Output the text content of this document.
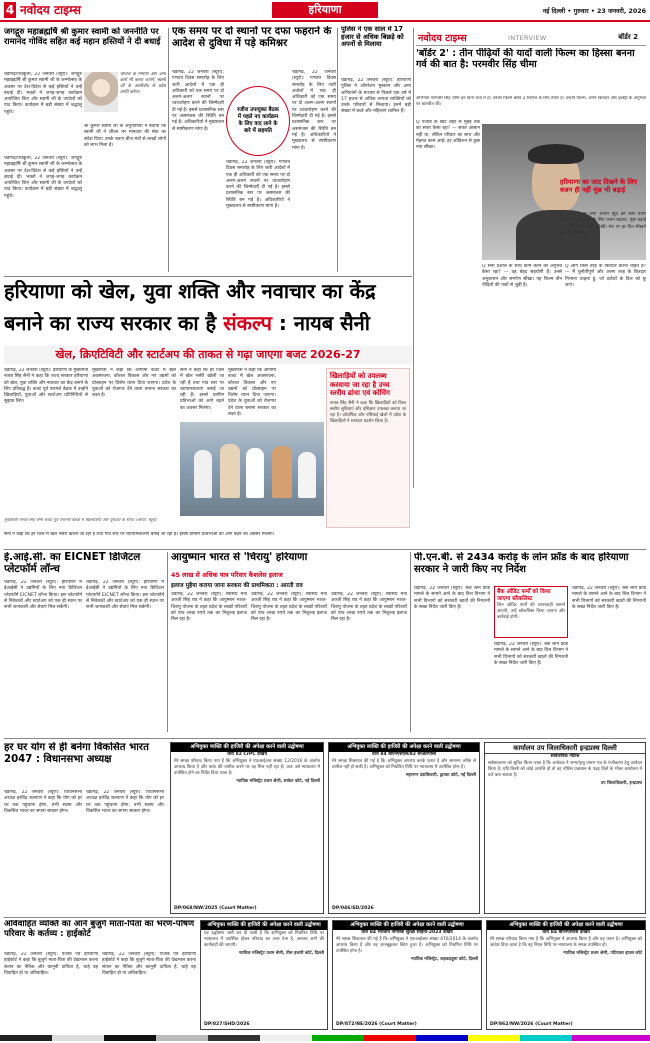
4 नवोदय टाइम्स	हरियाणा	नई दिल्ली • गुरुवार • 23 जनवरी, 2026
जगद्गुरु महाब्रह्मर्षि श्री कुमार स्वामी को जननीति पर रामानंद गोविंद सहित कई महान हस्तियों ने दी बधाई
चंडीगढ़/पंचकूला, 22 जनवरी (ब्यूरो): जगद्गुरु महाब्रह्मर्षि श्री कुमार स्वामी जी के जन्मोत्सव के अवसर पर देश-विदेश से कई हस्तियों ने उन्हें बधाई दी। भक्तों ने जगह-जगह कार्यक्रम आयोजित किए और स्वामी जी के उपदेशों को याद किया। कार्यक्रम में बड़ी संख्या में श्रद्धालु पहुंचे।
चौपाल के निर्माण और अन्य कार्य भी कराए जाएंगे, स्वामी जी के आशीर्वाद से प्रदेश प्रगति करेगा।
श्री कुमार स्वामी जी के अनुयायियों ने बताया कि स्वामी जी ने जीवन भर मानवता की सेवा का संदेश दिया। उनके बताए बीज मंत्रों से लाखों लोगों को लाभ मिला है।
चंडीगढ़/पंचकूला, 22 जनवरी (ब्यूरो): जगद्गुरु महाब्रह्मर्षि श्री कुमार स्वामी जी के जन्मोत्सव के अवसर पर देश-विदेश से कई हस्तियों ने उन्हें बधाई दी। भक्तों ने जगह-जगह कार्यक्रम आयोजित किए और स्वामी जी के उपदेशों को याद किया। कार्यक्रम में बड़ी संख्या में श्रद्धालु पहुंचे।
एक समय पर दो स्थानों पर दफा फहराने के आदेश से दुविधा में पड़े कमिश्नर
चंडीगढ़, 22 जनवरी (ब्यूरो): गणतंत्र दिवस समारोह के लिए जारी आदेशों में एक ही अधिकारी को एक समय पर दो अलग-अलग स्थानों पर ध्वजारोहण करने की जिम्मेदारी दी गई है। इससे प्रशासनिक स्तर पर असमंजस की स्थिति बन गई है। अधिकारियों ने मुख्यालय से स्पष्टीकरण मांगा है।
रजौरा उपायुक्त बैठक में पहले नए कार्यक्रम के लिए वाद लाने के बारे में सहमति
चंडीगढ़, 22 जनवरी (ब्यूरो): गणतंत्र दिवस समारोह के लिए जारी आदेशों में एक ही अधिकारी को एक समय पर दो अलग-अलग स्थानों पर ध्वजारोहण करने की जिम्मेदारी दी गई है। इससे प्रशासनिक स्तर पर असमंजस की स्थिति बन गई है। अधिकारियों ने मुख्यालय से स्पष्टीकरण मांगा है।
चंडीगढ़, 22 जनवरी (ब्यूरो): गणतंत्र दिवस समारोह के लिए जारी आदेशों में एक ही अधिकारी को एक समय पर दो अलग-अलग स्थानों पर ध्वजारोहण करने की जिम्मेदारी दी गई है। इससे प्रशासनिक स्तर पर असमंजस की स्थिति बन गई है। अधिकारियों ने मुख्यालय से स्पष्टीकरण मांगा है।
पुलिस ने एक साल में 17 हजार से अधिक बिछड़े को अपनों से मिलाया
चंडीगढ़, 22 जनवरी (ब्यूरो): हरियाणा पुलिस ने ऑपरेशन मुस्कान और अन्य अभियानों के माध्यम से पिछले एक वर्ष में 17 हजार से अधिक लापता व्यक्तियों को उनके परिवारों से मिलाया। इनमें बड़ी संख्या में बच्चे और महिलाएं शामिल हैं।
नवोदय टाइम्स	INTERVIEW	बॉर्डर 2
'बॉर्डर 2' : तीन पीढ़ियों की यादों वाली फिल्म का हिस्सा बनना गर्व की बात है: परमवीर सिंह चीमा
अभिनेता परमवीर सिंह चीमा इन दिनों चर्चा में हैं। उनकी फिल्म बॉर्डर 2 रिलीज के लिए तैयार है। उन्होंने फिल्म, अपने किरदार और इंडस्ट्री के अनुभवों पर बातचीत की।
Q पंजाब के छोटे शहर से मुंबई तक का सफर कैसा रहा? — सफर आसान नहीं था, लेकिन परिवार का साथ और मेहनत काम आई। हर ऑडिशन से कुछ नया सीखा।
हरियाणा का जाट दिखने के लिए वजन ही नहीं मूंछ भी बढ़ाई
Q बॉर्डर 2 के लिए आपने खुद को कैसे तैयार किया? — किरदार के लिए वजन बढ़ाया, मूंछ बढ़ाई और हरियाणवी बोली सीखी। सेट पर हर दिन सीखने का मौका मिला।
Q सनी देओल के साथ काम करने का अनुभव कैसा रहा? — वह बेहद सहयोगी हैं। उनसे अनुशासन और समर्पण सीखा। यह फिल्म तीन पीढ़ियों की यादों से जुड़ी है।
Q आगे किस तरह के किरदार करना चाहते हैं? — मैं चुनौतीपूर्ण और अलग तरह के किरदार निभाना चाहता हूं, जो दर्शकों के दिल को छू जाएं।
हरियाणा को खेल, युवा शक्ति और नवाचार का केंद्र
बनाने का राज्य सरकार का है संकल्प : नायब सैनी
खेल, क्रिएटिविटी और स्टार्टअप की ताकत से गढ़ा जाएगा बजट 2026-27
चंडीगढ़, 22 जनवरी (ब्यूरो): हरियाणा के मुख्यमंत्री नायब सिंह सैनी ने कहा कि राज्य सरकार हरियाणा को खेल, युवा शक्ति और नवाचार का केंद्र बनाने के लिए प्रतिबद्ध है। बजट पूर्व परामर्श बैठक में उन्होंने खिलाड़ियों, युवाओं और स्टार्टअप प्रतिनिधियों से सुझाव लिए।
मुख्यमंत्री ने कहा कि आगामी बजट में खेल अवसंरचना, कौशल विकास और नए उद्यमों को प्रोत्साहन पर विशेष ध्यान दिया जाएगा। प्रदेश के युवाओं को रोजगार देने वाला बनाना सरकार का लक्ष्य है।
सैनी ने कहा कि हर जिले में खेल नर्सरी खोली जा रही हैं तथा गांव स्तर पर व्यायामशालाएं बनाई जा रही हैं। इससे ग्रामीण प्रतिभाओं को आगे बढ़ने का अवसर मिलेगा।
मुख्यमंत्री ने कहा कि आगामी बजट में खेल अवसंरचना, कौशल विकास और नए उद्यमों को प्रोत्साहन पर विशेष ध्यान दिया जाएगा। प्रदेश के युवाओं को रोजगार देने वाला बनाना सरकार का लक्ष्य है।
मुख्यमंत्री नायब सिंह सैनी बजट पूर्व परामर्श बैठक में खिलाड़ियों और युवाओं के साथ। (छाया: ब्यूरो)
खिलाड़ियों को उपलब्ध करवाया जा रहा है उच्च स्तरीय ढांचा एवं कोचिंग
नायब सिंह सैनी ने कहा कि खिलाड़ियों को विश्व स्तरीय सुविधाएं और प्रशिक्षण उपलब्ध कराया जा रहा है। ओलंपिक और एशियाई खेलों में प्रदेश के खिलाड़ियों ने शानदार प्रदर्शन किया है।
सैनी ने कहा कि हर जिले में खेल नर्सरी खोली जा रही हैं तथा गांव स्तर पर व्यायामशालाएं बनाई जा रही हैं। इससे ग्रामीण प्रतिभाओं को आगे बढ़ने का अवसर मिलेगा।
ई.आई.सी. का EICNET डिजिटल प्लेटफॉर्म लॉन्च
चंडीगढ़, 22 जनवरी (ब्यूरो): हरियाणा में ईआईसी ने उद्यमियों के लिए नया डिजिटल प्लेटफॉर्म EICNET लॉन्च किया। इस प्लेटफॉर्म से निवेशकों और स्टार्टअप को एक ही स्थान पर सभी जानकारी और सेवाएं मिल सकेंगी।
चंडीगढ़, 22 जनवरी (ब्यूरो): हरियाणा में ईआईसी ने उद्यमियों के लिए नया डिजिटल प्लेटफॉर्म EICNET लॉन्च किया। इस प्लेटफॉर्म से निवेशकों और स्टार्टअप को एक ही स्थान पर सभी जानकारी और सेवाएं मिल सकेंगी।
आयुष्मान भारत से 'चिरायु' हरियाणा
45 लाख से अधिक पात्र परिवार कैशलेस इलाज
इलाज मुहैया कराया जाना सरकार की प्राथमिकता : आरती राव
चंडीगढ़, 22 जनवरी (ब्यूरो): स्वास्थ्य मंत्री आरती सिंह राव ने कहा कि आयुष्मान भारत-चिरायु योजना के तहत प्रदेश के लाखों परिवारों को पांच लाख रुपये तक का निशुल्क इलाज मिल रहा है।
चंडीगढ़, 22 जनवरी (ब्यूरो): स्वास्थ्य मंत्री आरती सिंह राव ने कहा कि आयुष्मान भारत-चिरायु योजना के तहत प्रदेश के लाखों परिवारों को पांच लाख रुपये तक का निशुल्क इलाज मिल रहा है।
चंडीगढ़, 22 जनवरी (ब्यूरो): स्वास्थ्य मंत्री आरती सिंह राव ने कहा कि आयुष्मान भारत-चिरायु योजना के तहत प्रदेश के लाखों परिवारों को पांच लाख रुपये तक का निशुल्क इलाज मिल रहा है।
पी.एन.बी. से 2434 करोड़ के लोन फ्रॉड के बाद हरियाणा सरकार ने जारी किए नए निर्देश
चंडीगढ़, 22 जनवरी (ब्यूरो): बैंक लोन फ्रॉड मामले के सामने आने के बाद वित्त विभाग ने सभी विभागों को सरकारी खातों की निगरानी के सख्त निर्देश जारी किए हैं।
बैंक ऑडिट फर्मों को किया जाएगा ब्लैकलिस्ट
जिन ऑडिट फर्मों की लापरवाही सामने आएगी, उन्हें ब्लैकलिस्ट किया जाएगा और कार्रवाई होगी।
चंडीगढ़, 22 जनवरी (ब्यूरो): बैंक लोन फ्रॉड मामले के सामने आने के बाद वित्त विभाग ने सभी विभागों को सरकारी खातों की निगरानी के सख्त निर्देश जारी किए हैं।
चंडीगढ़, 22 जनवरी (ब्यूरो): बैंक लोन फ्रॉड मामले के सामने आने के बाद वित्त विभाग ने सभी विभागों को सरकारी खातों की निगरानी के सख्त निर्देश जारी किए हैं।
हर घर योग से ही बनेगा विकसित भारत 2047 : विधानसभा अध्यक्ष
चंडीगढ़, 22 जनवरी (ब्यूरो): विधानसभा अध्यक्ष हरविंद्र कल्याण ने कहा कि योग को हर घर तक पहुंचाना होगा, तभी स्वस्थ और विकसित भारत का सपना साकार होगा।
चंडीगढ़, 22 जनवरी (ब्यूरो): विधानसभा अध्यक्ष हरविंद्र कल्याण ने कहा कि योग को हर घर तक पहुंचाना होगा, तभी स्वस्थ और विकसित भारत का सपना साकार होगा।
अभियुक्त व्यक्ति की हाजिरी की अपेक्षा करने वाली उद्घोषणा
धारा 82 CrPC देखिये
मेरे समक्ष परिवाद किया गया है कि अभियुक्त ने एफआईआर संख्या 12/2016 के अंतर्गत अपराध किया है और वारंट की तामील करने पर वह मिल नहीं रहा है। अतः उसे न्यायालय में उपस्थित होने का निर्देश दिया जाता है।
न्यायिक मजिस्ट्रेट प्रथम श्रेणी, साकेत कोर्ट, नई दिल्ली
DP/068/NW/2025 (Court Matter)
अभियुक्त व्यक्ति की हाजिरी की अपेक्षा करने वाली उद्घोषणा
धारा 84 बीएनएसएस/82 सीआरपीसी
मेरे समक्ष शिकायत की गई है कि अभियुक्त अपराध करके फरार है और सामान्य तरीके से तामील नहीं हो सकी है। अभियुक्त को निर्धारित तिथि पर न्यायालय में उपस्थित होना है।
महानगर दंडाधिकारी, द्वारका कोर्ट, नई दिल्ली
DP/046/SD/2026
कार्यालय उप जिलाधिकारी इन्द्रप्रस्थ दिल्ली
सार्वजनिक नोटिस
सर्वसाधारण को सूचित किया जाता है कि आवेदक ने जन्म/मृत्यु प्रमाण पत्र के पंजीकरण हेतु आवेदन किया है। यदि किसी को कोई आपत्ति हो तो वह नोटिस प्रकाशन के पंद्रह दिनों के भीतर कार्यालय में दर्ज करा सकता है।
उप जिलाधिकारी, इन्द्रप्रस्थ
अविवाहित व्यक्ति का आने बुजुर्ग माता-पिता का भरण-पोषण परिवार के कर्तव्य : हाईकोर्ट
चंडीगढ़, 22 जनवरी (ब्यूरो): पंजाब एवं हरियाणा हाईकोर्ट ने कहा कि बुजुर्ग माता-पिता की देखभाल करना संतान का नैतिक और कानूनी दायित्व है, चाहे वह विवाहित हो या अविवाहित।
चंडीगढ़, 22 जनवरी (ब्यूरो): पंजाब एवं हरियाणा हाईकोर्ट ने कहा कि बुजुर्ग माता-पिता की देखभाल करना संतान का नैतिक और कानूनी दायित्व है, चाहे वह विवाहित हो या अविवाहित।
अभियुक्त व्यक्ति की हाजिरी की अपेक्षा करने वाली उद्घोषणा
यह उद्घोषणा जारी कर दी जाती है कि अभियुक्त को निर्धारित तिथि पर न्यायालय में उपस्थित होकर परिवाद का उत्तर देना है, अन्यथा आगे की कार्यवाही की जाएगी।
न्यायिक मजिस्ट्रेट प्रथम श्रेणी, तीस हजारी कोर्ट, दिल्ली
DP/827/SHD/2026
अभियुक्त व्यक्ति की हाजिरी की अपेक्षा करने वाली उद्घोषणा
धारा 84 भारतीय नागरिक सुरक्षा संहिता-2023 देखिये
मेरे समक्ष शिकायत की गई है कि अभियुक्त ने एफआईआर संख्या 470/2014 के अंतर्गत अपराध किया है और वह जानबूझकर छिपा हुआ है। अभियुक्त को निर्धारित तिथि पर उपस्थित होना है।
न्यायिक मजिस्ट्रेट, कड़कड़डूमा कोर्ट, दिल्ली
DP/872/NE/2026 (Court Matter)
अभियुक्त व्यक्ति की हाजिरी की अपेक्षा करने वाली उद्घोषणा
धारा 84 बीएनएसएस देखिये
मेरे समक्ष परिवाद किया गया है कि अभियुक्त ने अपराध किया है और वह फरार है। अभियुक्त को आदेश दिया जाता है कि वह नियत तिथि पर न्यायालय के समक्ष उपस्थित हो।
न्यायिक मजिस्ट्रेट प्रथम श्रेणी, पटियाला हाउस कोर्ट
DP/862/NW/2026 (Court Matter)
